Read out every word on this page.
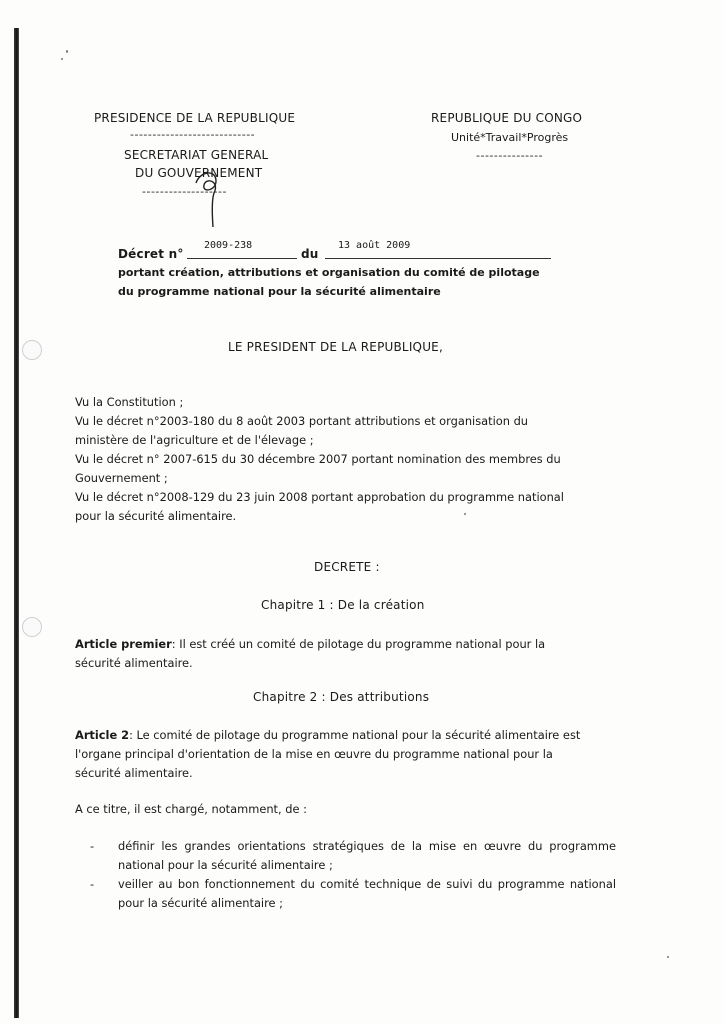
PRESIDENCE DE LA REPUBLIQUE
----------------------------
SECRETARIAT GENERAL
DU GOUVERNEMENT
-------------------
REPUBLIQUE DU CONGO
Unité*Travail*Progrès
---------------
Décret n°
2009-238
du
13 août 2009
portant création, attributions et organisation du comité de pilotage
du programme national pour la sécurité alimentaire
LE PRESIDENT DE LA REPUBLIQUE,
Vu la Constitution ;
Vu le décret n°2003-180 du 8 août 2003 portant attributions et organisation du
ministère de l'agriculture et de l'élevage ;
Vu le décret n° 2007-615 du 30 décembre 2007 portant nomination des membres du
Gouvernement ;
Vu le décret n°2008-129 du 23 juin 2008 portant approbation du programme national
pour la sécurité alimentaire.
DECRETE :
Chapitre 1 : De la création
Article premier: Il est créé un comité de pilotage du programme national pour la
sécurité alimentaire.
Chapitre 2 : Des attributions
Article 2: Le comité de pilotage du programme national pour la sécurité alimentaire est
l'organe principal d'orientation de la mise en œuvre du programme national pour la
sécurité alimentaire.
A ce titre, il est chargé, notamment, de :
- définir les grandes orientations stratégiques de la mise en œuvre du programme national pour la sécurité alimentaire ;
- veiller au bon fonctionnement du comité technique de suivi du programme national pour la sécurité alimentaire ;
